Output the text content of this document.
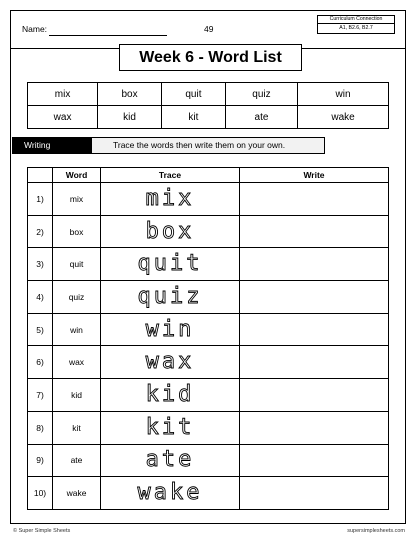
Name:	49
Curriculum Connection
A1, B2.6, B2.7
Week 6 - Word List
mix	box	quit	quiz	win
wax	kid	kit	ate	wake
Writing	Trace the words then write them on your own.
	Word	Trace	Write
1)	mix	mix	
2)	box	box	
3)	quit	quit	
4)	quiz	quiz	
5)	win	win	
6)	wax	wax	
7)	kid	kid	
8)	kit	kit	
9)	ate	ate	
10)	wake	wake	
© Super Simple Sheets	supersimplesheets.com
